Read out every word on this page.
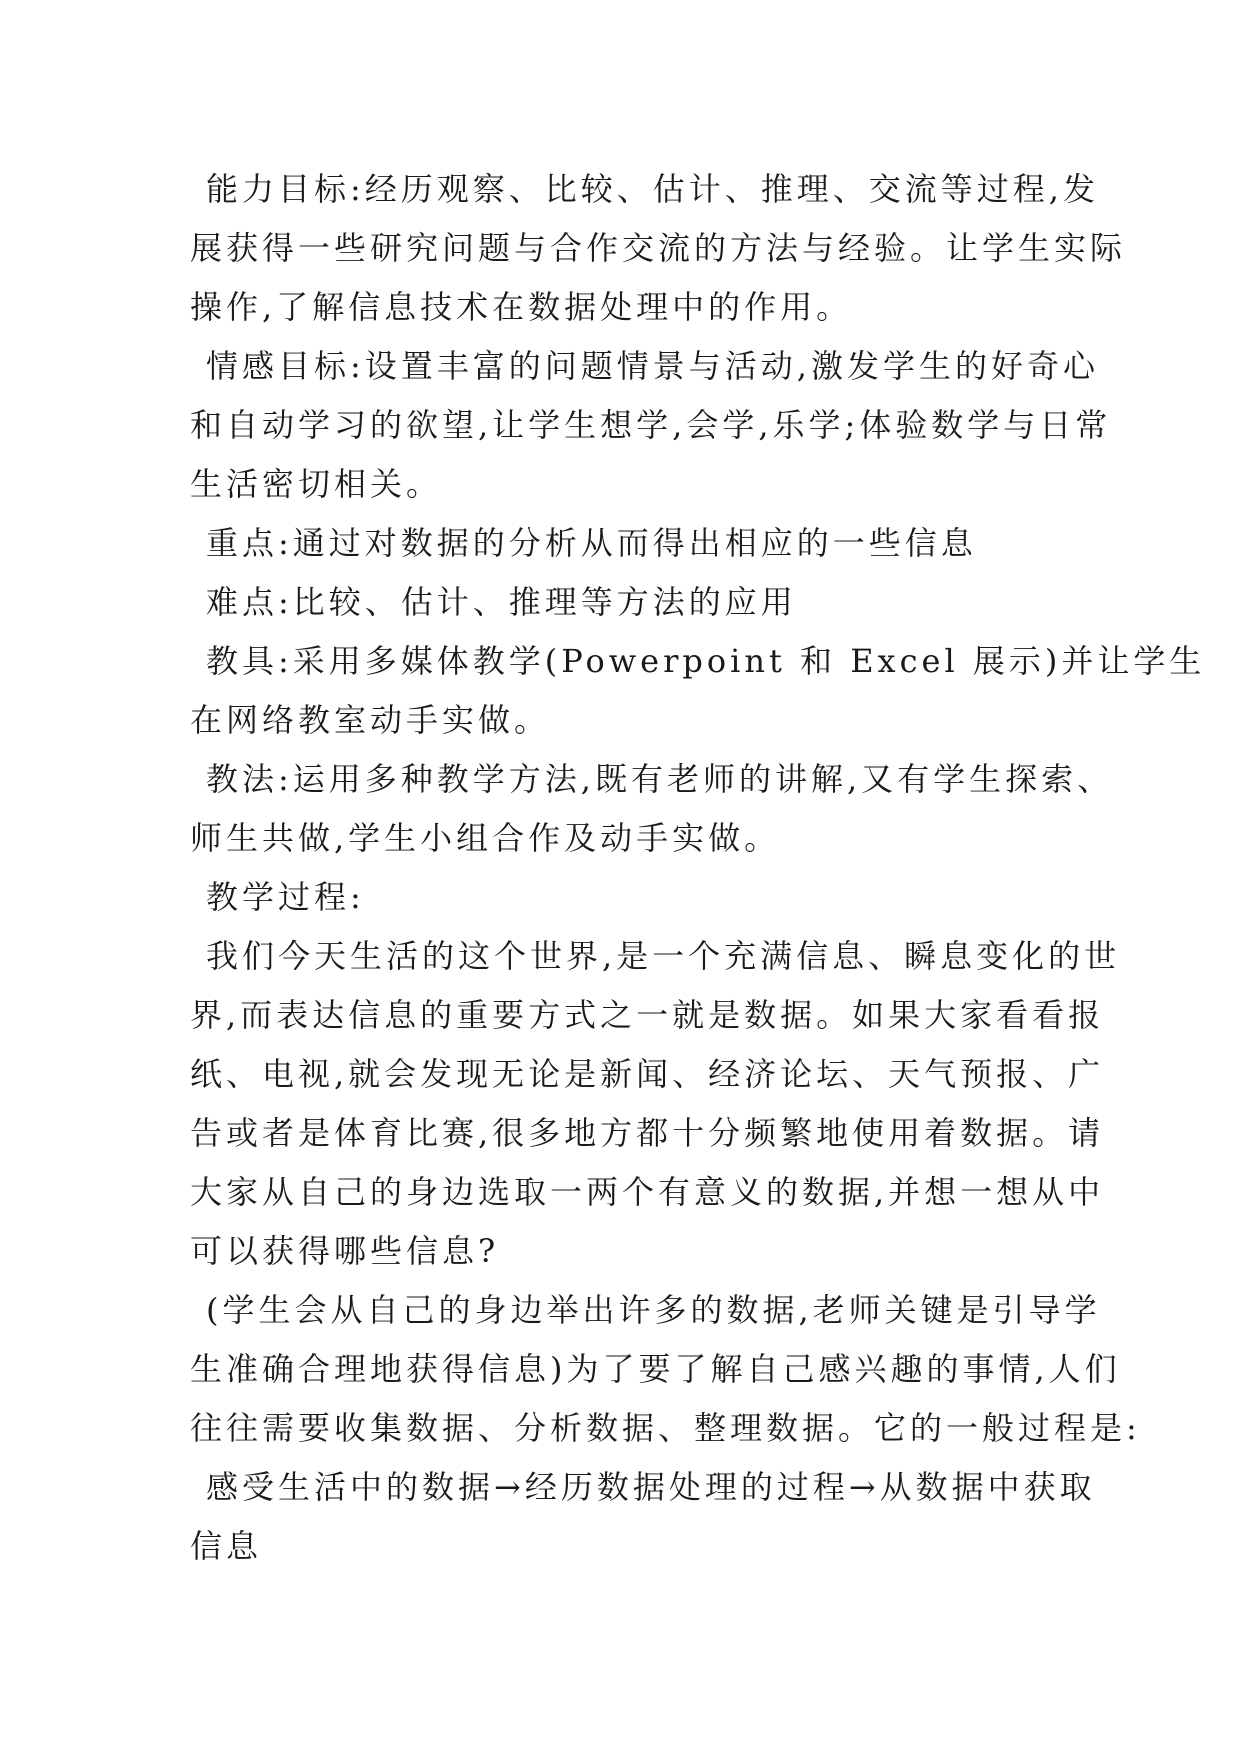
能力目标:经历观察、比较、估计、推理、交流等过程,发
展获得一些研究问题与合作交流的方法与经验。让学生实际
操作,了解信息技术在数据处理中的作用。
情感目标:设置丰富的问题情景与活动,激发学生的好奇心
和自动学习的欲望,让学生想学,会学,乐学;体验数学与日常
生活密切相关。
重点:通过对数据的分析从而得出相应的一些信息
难点:比较、估计、推理等方法的应用
教具:采用多媒体教学(Powerpoint 和 Excel 展示)并让学生
在网络教室动手实做。
教法:运用多种教学方法,既有老师的讲解,又有学生探索、
师生共做,学生小组合作及动手实做。
教学过程:
我们今天生活的这个世界,是一个充满信息、瞬息变化的世
界,而表达信息的重要方式之一就是数据。如果大家看看报
纸、电视,就会发现无论是新闻、经济论坛、天气预报、广
告或者是体育比赛,很多地方都十分频繁地使用着数据。请
大家从自己的身边选取一两个有意义的数据,并想一想从中
可以获得哪些信息?
(学生会从自己的身边举出许多的数据,老师关键是引导学
生准确合理地获得信息)为了要了解自己感兴趣的事情,人们
往往需要收集数据、分析数据、整理数据。它的一般过程是:
感受生活中的数据→经历数据处理的过程→从数据中获取
信息
